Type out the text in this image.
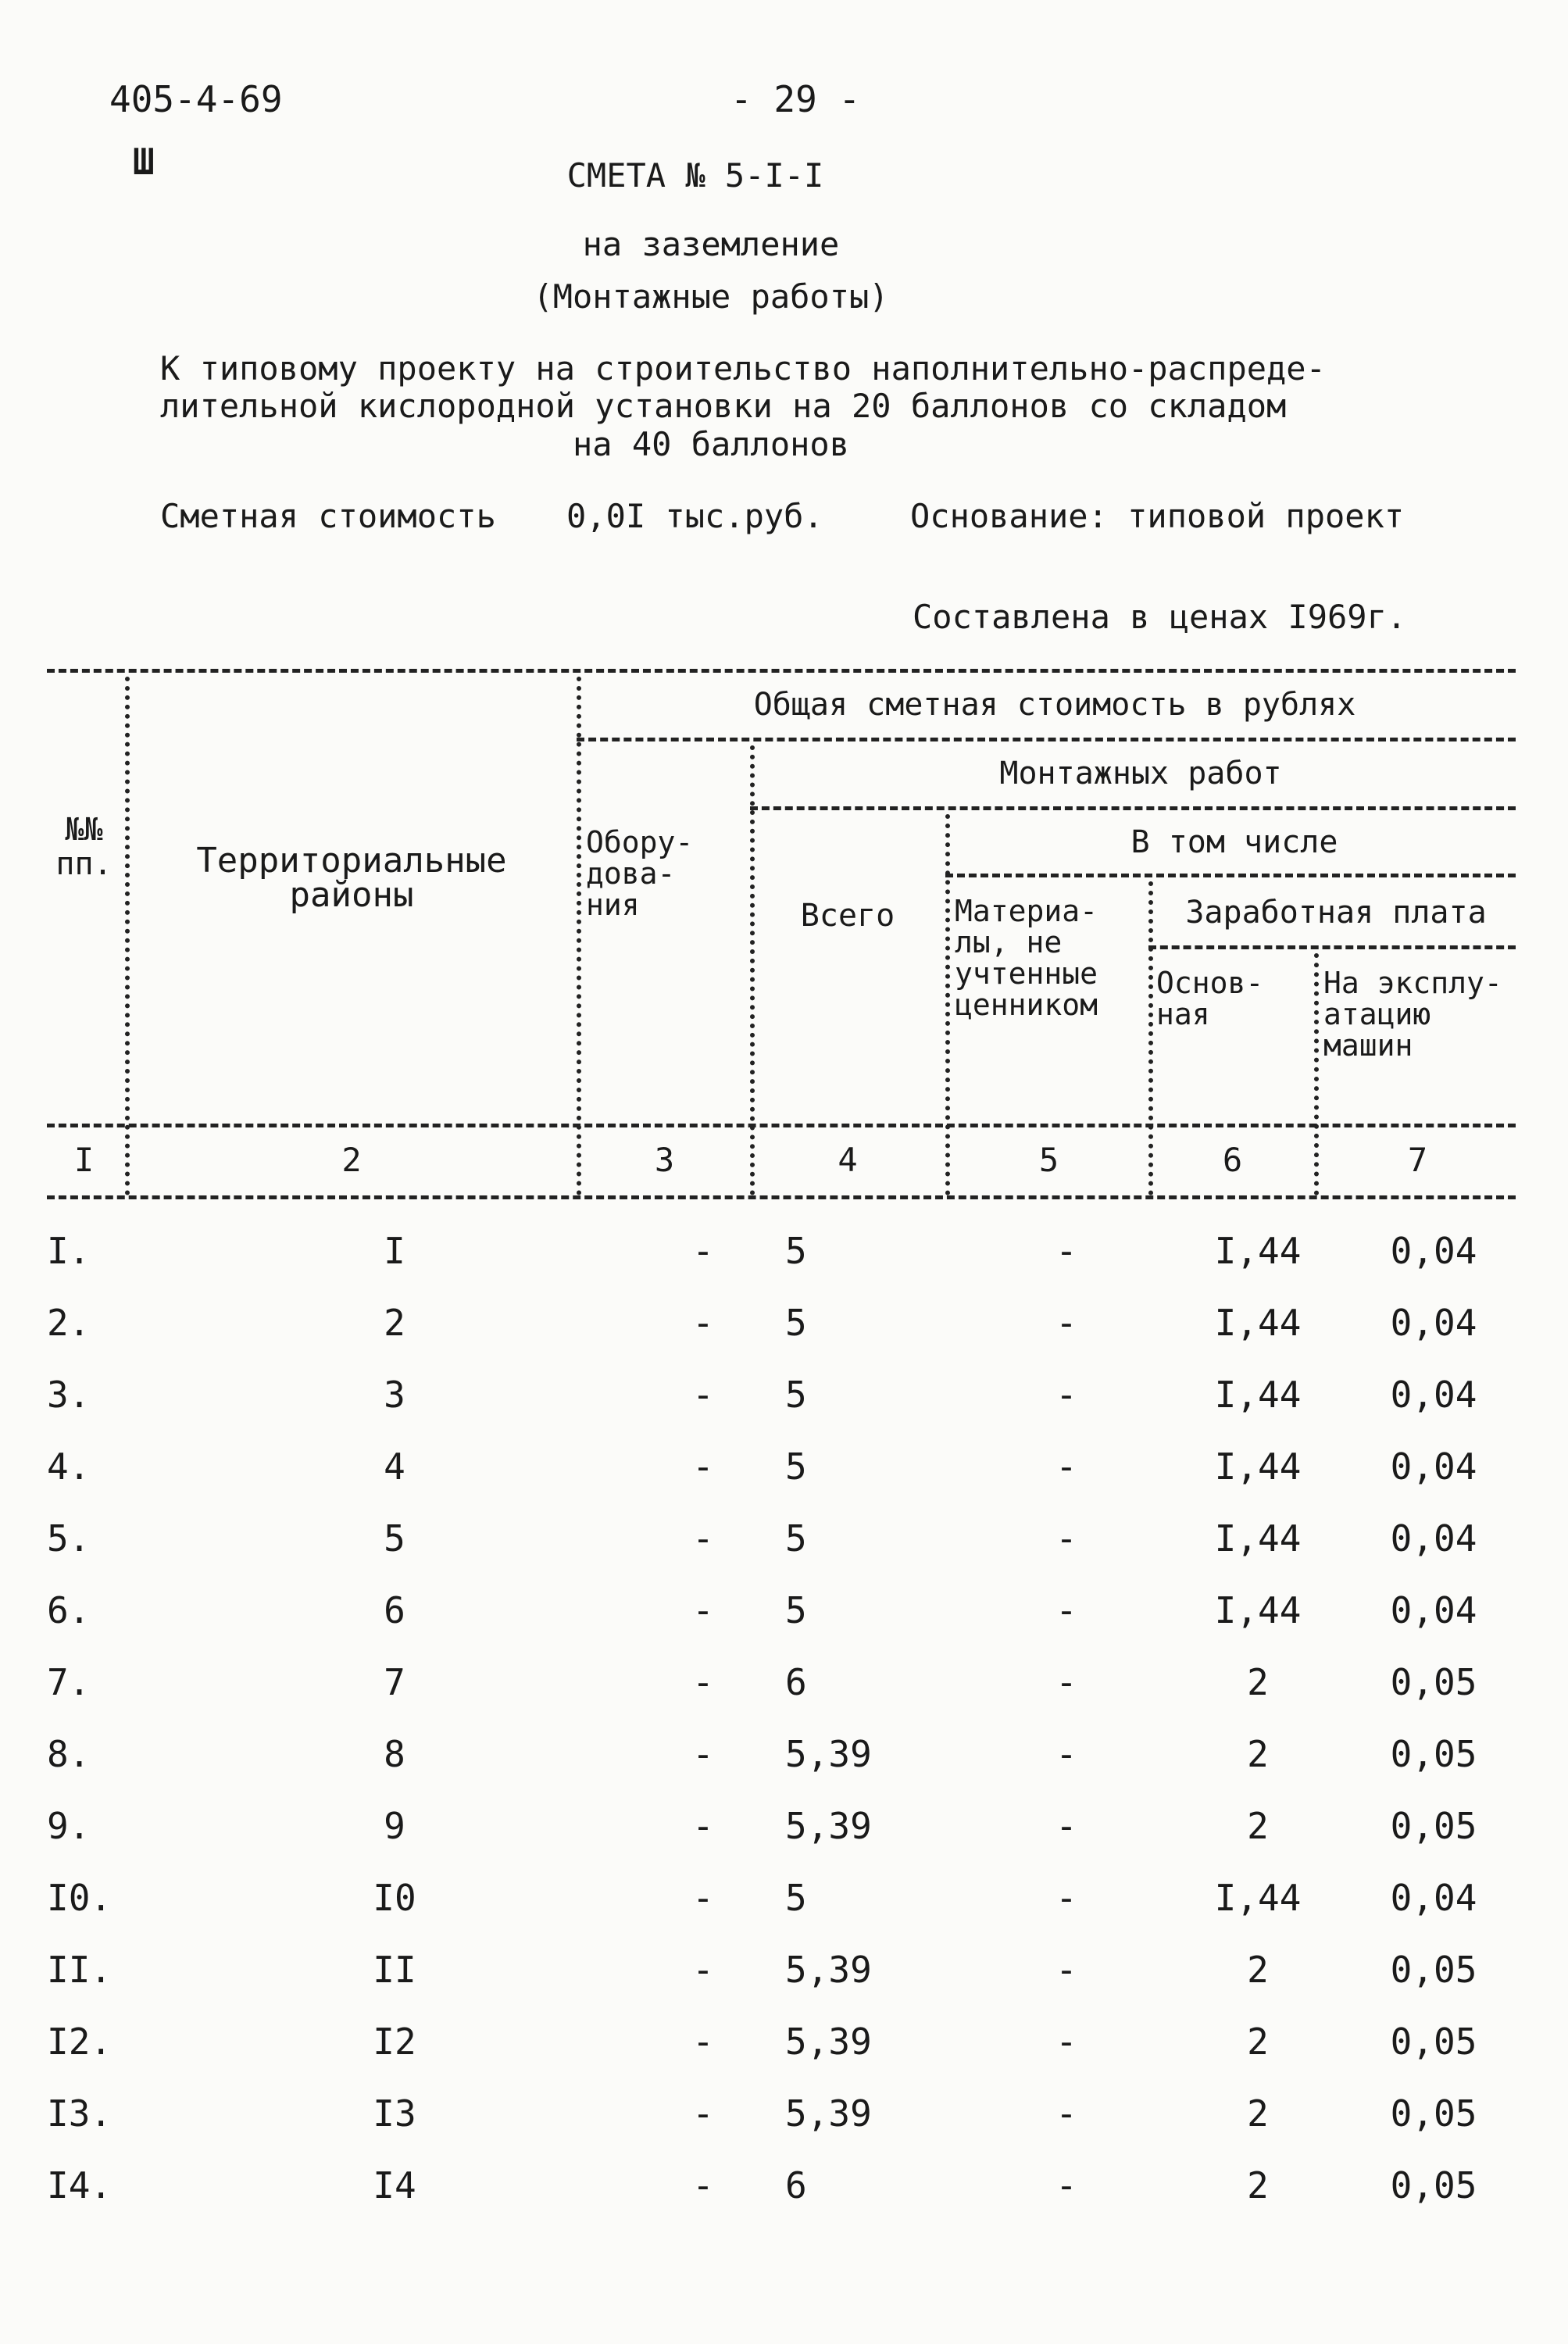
405-4-69
Ш
- 29 -
СМЕТА № 5-I-I
на заземление
(Монтажные работы)
К типовому проекту на строительство наполнительно-распреде-
лительной кислородной установки на 20 баллонов со складом
на 40 баллонов
Сметная стоимость 0,0I тыс.руб.	Основание: типовой проект
Составлена в ценах I969г.
№№ пп.	Территориальные районы
Общая сметная стоимость в рублях
Обору- дова- ния
Монтажных работ
Всего
В том числе
Материа- лы, не учтенные ценником
Заработная плата
Основ- ная
На эксплу- атацию машин
I	2	3	4	5	6	7
I.	I	-	5	-	I,44	0,04
2.	2	-	5	-	I,44	0,04
3.	3	-	5	-	I,44	0,04
4.	4	-	5	-	I,44	0,04
5.	5	-	5	-	I,44	0,04
6.	6	-	5	-	I,44	0,04
7.	7	-	6	-	2	0,05
8.	8	-	5,39	-	2	0,05
9.	9	-	5,39	-	2	0,05
I0.	I0	-	5	-	I,44	0,04
II.	II	-	5,39	-	2	0,05
I2.	I2	-	5,39	-	2	0,05
I3.	I3	-	5,39	-	2	0,05
I4.	I4	-	6	-	2	0,05
